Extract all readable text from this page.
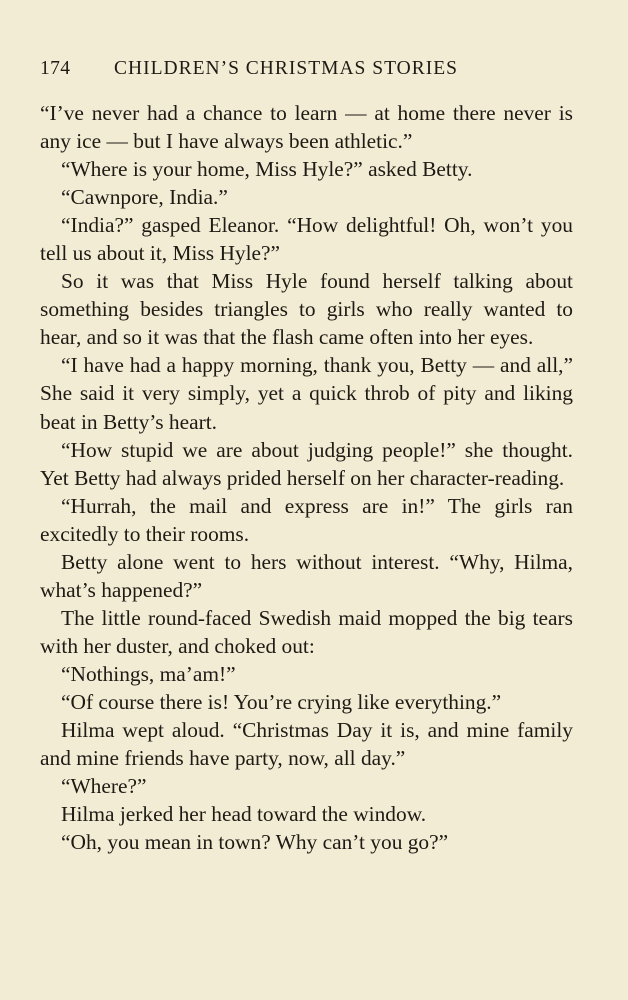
174	CHILDREN’S CHRISTMAS STORIES

“I’ve never had a chance to learn — at home there never is any ice — but I have always been athletic.”

“Where is your home, Miss Hyle?” asked Betty.

“Cawnpore, India.”

“India?” gasped Eleanor. “How delightful! Oh, won’t you tell us about it, Miss Hyle?”

So it was that Miss Hyle found herself talking about something besides triangles to girls who really wanted to hear, and so it was that the flash came often into her eyes.

“I have had a happy morning, thank you, Betty — and all,” She said it very simply, yet a quick throb of pity and liking beat in Betty’s heart.

“How stupid we are about judging people!” she thought. Yet Betty had always prided herself on her character-reading.

“Hurrah, the mail and express are in!” The girls ran excitedly to their rooms.

Betty alone went to hers without interest. “Why, Hilma, what’s happened?”

The little round-faced Swedish maid mopped the big tears with her duster, and choked out:

“Nothings, ma’am!”

“Of course there is! You’re crying like everything.”

Hilma wept aloud. “Christmas Day it is, and mine family and mine friends have party, now, all day.”

“Where?”

Hilma jerked her head toward the window.

“Oh, you mean in town? Why can’t you go?”
